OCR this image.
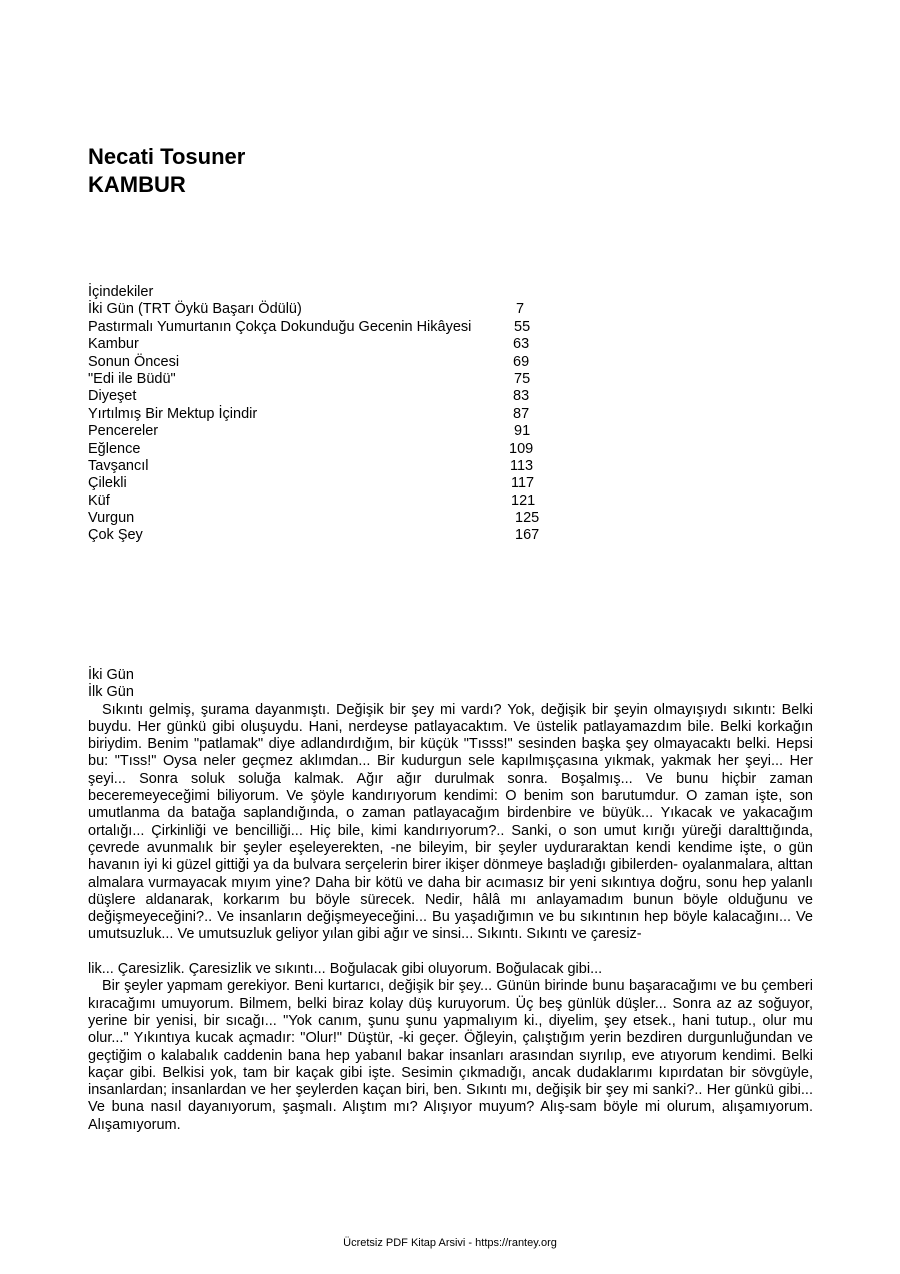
Necati Tosuner
KAMBUR
İçindekiler
İki Gün (TRT Öykü Başarı Ödülü)	7
Pastırmalı Yumurtanın Çokça Dokunduğu Gecenin Hikâyesi	55
Kambur	63
Sonun Öncesi	69
"Edi ile Büdü"	75
Diyeşet	83
Yırtılmış Bir Mektup İçindir	87
Pencereler	91
Eğlence	109
Tavşancıl	113
Çilekli	117
Küf	121
Vurgun	125
Çok Şey	167
İki Gün
İlk Gün

Sıkıntı gelmiş, şurama dayanmıştı. Değişik bir şey mi vardı? Yok, değişik bir şeyin olmayışıydı sıkıntı: Belki buydu. Her günkü gibi oluşuydu. Hani, nerdeyse patlayacaktım. Ve üstelik patlayamazdım bile. Belki korkağın biriydim. Benim "patlamak" diye adlandırdığım, bir küçük "Tısss!" sesinden başka şey olmayacaktı belki. Hepsi bu: "Tıss!" Oysa neler geçmez aklımdan... Bir kudurgun sele kapılmışçasına yıkmak, yakmak her şeyi... Her şeyi... Sonra soluk soluğa kalmak. Ağır ağır durulmak sonra. Boşalmış... Ve bunu hiçbir zaman beceremeyeceğimi biliyorum. Ve şöyle kandırıyorum kendimi: O benim son barutumdur. O zaman işte, son umutlanma da batağa saplandığında, o zaman patlayacağım birdenbire ve büyük... Yıkacak ve yakacağım ortalığı... Çirkinliği ve bencilliği... Hiç bile, kimi kandırıyorum?.. Sanki, o son umut kırığı yüreği daralttığında, çevrede avunmalık bir şeyler eşeleyerekten, -ne bileyim, bir şeyler uyduraraktan kendi kendime işte, o gün havanın iyi ki güzel gittiği ya da bulvara serçelerin birer ikişer dönmeye başladığı gibilerden- oyalanmalara, alttan almalara vurmayacak mıyım yine? Daha bir kötü ve daha bir acımasız bir yeni sıkıntıya doğru, sonu hep yalanlı düşlere aldanarak, korkarım bu böyle sürecek. Nedir, hâlâ mı anlayamadım bunun böyle olduğunu ve değişmeyeceğini?.. Ve insanların değişmeyeceğini... Bu yaşadığımın ve bu sıkıntının hep böyle kalacağını... Ve umutsuzluk... Ve umutsuzluk geliyor yılan gibi ağır ve sinsi... Sıkıntı. Sıkıntı ve çaresiz-

lik... Çaresizlik. Çaresizlik ve sıkıntı... Boğulacak gibi oluyorum. Boğulacak gibi...

Bir şeyler yapmam gerekiyor. Beni kurtarıcı, değişik bir şey... Günün birinde bunu başaracağımı ve bu çemberi kıracağımı umuyorum. Bilmem, belki biraz kolay düş kuruyorum. Üç beş günlük düşler... Sonra az az soğuyor, yerine bir yenisi, bir sıcağı... "Yok canım, şunu şunu yapmalıyım ki., diyelim, şey etsek., hani tutup., olur mu olur..." Yıkıntıya kucak açmadır: "Olur!" Düştür, -ki geçer. Öğleyin, çalıştığım yerin bezdiren durgunluğundan ve geçtiğim o kalabalık caddenin bana hep yabanıl bakar insanları arasından sıyrılıp, eve atıyorum kendimi. Belki kaçar gibi. Belkisi yok, tam bir kaçak gibi işte. Sesimin çıkmadığı, ancak dudaklarımı kıpırdatan bir sövgüyle, insanlardan; insanlardan ve her şeylerden kaçan biri, ben. Sıkıntı mı, değişik bir şey mi sanki?.. Her günkü gibi... Ve buna nasıl dayanıyorum, şaşmalı. Alıştım mı? Alışıyor muyum? Alış-sam böyle mi olurum, alışamıyorum. Alışamıyorum.

Ücretsiz PDF Kitap Arsivi - https://rantey.org
